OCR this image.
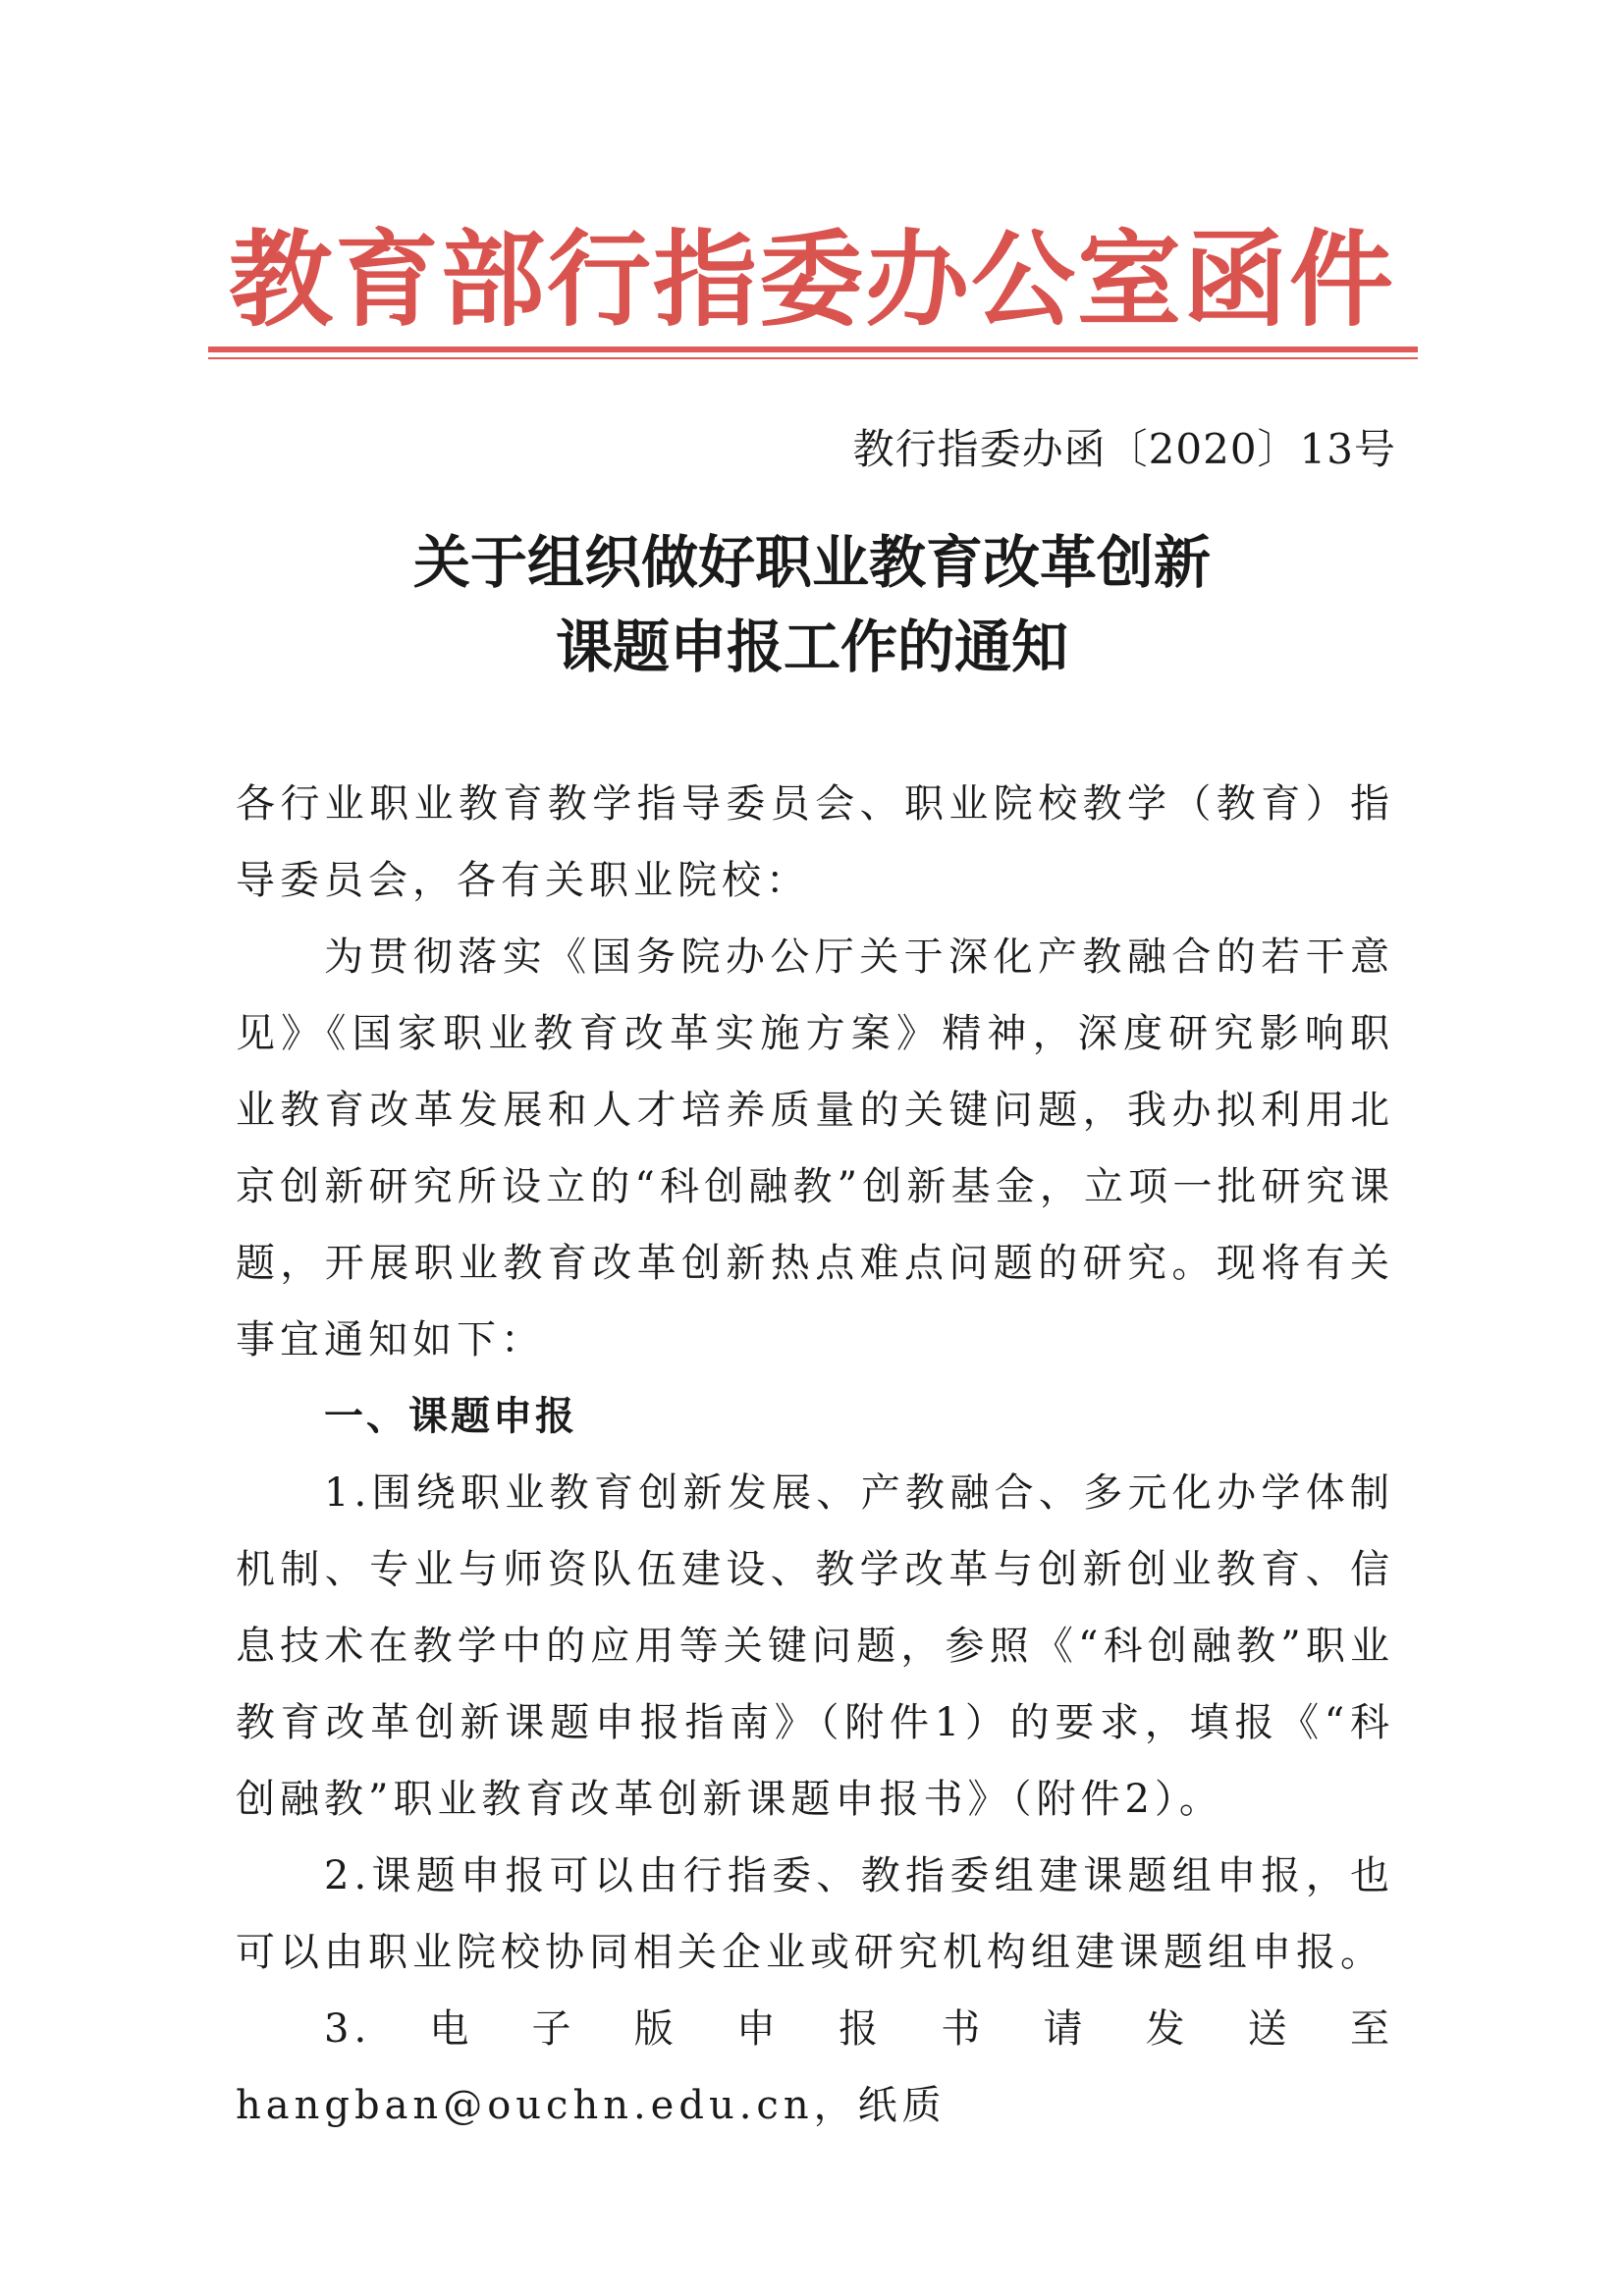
教育部行指委办公室函件
教行指委办函〔2020〕13号
关于组织做好职业教育改革创新
课题申报工作的通知

各行业职业教育教学指导委员会、职业院校教学（教育）指导委员会，各有关职业院校：

为贯彻落实《国务院办公厅关于深化产教融合的若干意见》《国家职业教育改革实施方案》精神，深度研究影响职业教育改革发展和人才培养质量的关键问题，我办拟利用北京创新研究所设立的“科创融教”创新基金，立项一批研究课题，开展职业教育改革创新热点难点问题的研究。现将有关事宜通知如下：

一、课题申报

1.围绕职业教育创新发展、产教融合、多元化办学体制机制、专业与师资队伍建设、教学改革与创新创业教育、信息技术在教学中的应用等关键问题，参照《“科创融教”职业教育改革创新课题申报指南》（附件1）的要求，填报《“科创融教”职业教育改革创新课题申报书》（附件2）。

2.课题申报可以由行指委、教指委组建课题组申报，也可以由职业院校协同相关企业或研究机构组建课题组申报。

3.电子版申报书请发送至hangban@ouchn.edu.cn，纸质
